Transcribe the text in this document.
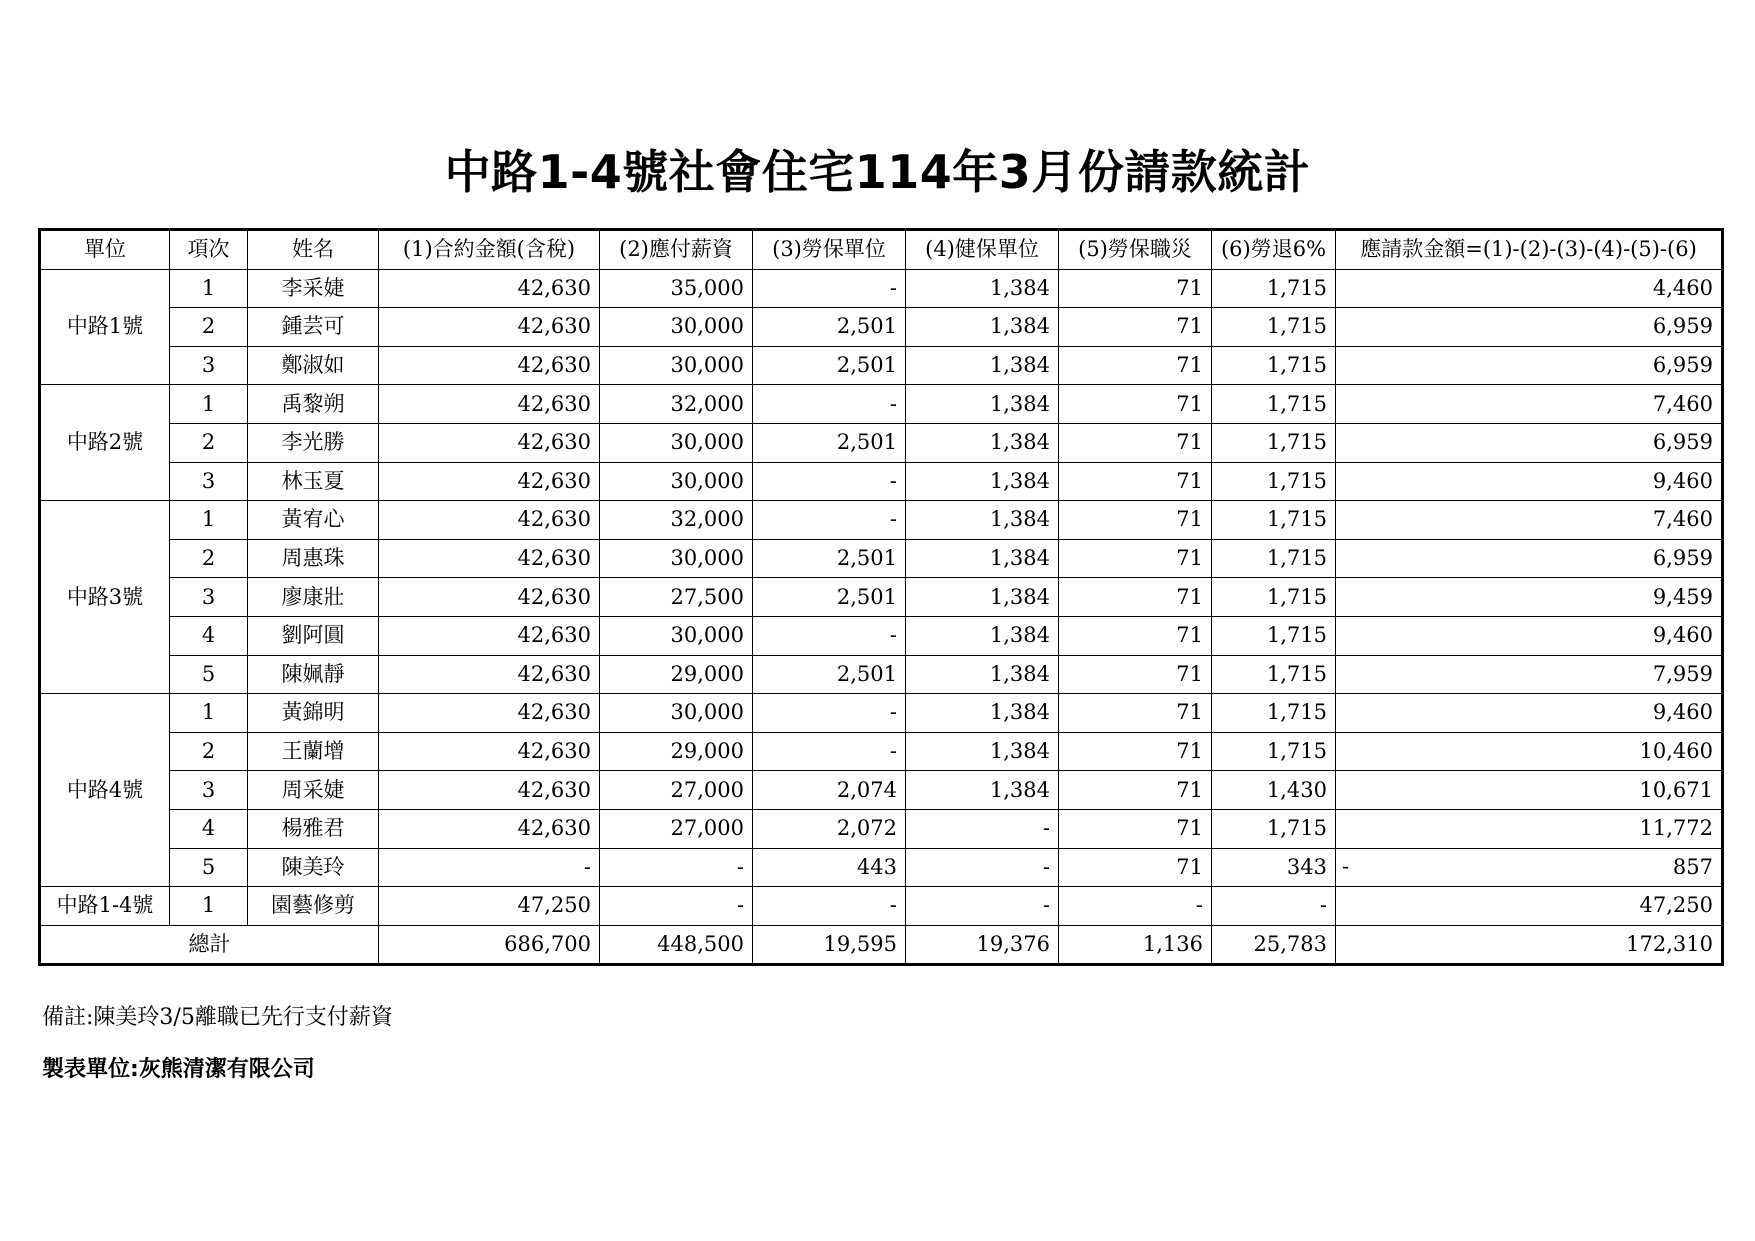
中路1-4號社會住宅114年3月份請款統計
單位	項次	姓名	(1)合約金額(含稅)	(2)應付薪資	(3)勞保單位	(4)健保單位	(5)勞保職災	(6)勞退6%	應請款金額=(1)-(2)-(3)-(4)-(5)-(6)
中路1號	1	李采婕	42,630	35,000	-	1,384	71	1,715	4,460
	2	鍾芸可	42,630	30,000	2,501	1,384	71	1,715	6,959
	3	鄭淑如	42,630	30,000	2,501	1,384	71	1,715	6,959
中路2號	1	禹黎朔	42,630	32,000	-	1,384	71	1,715	7,460
	2	李光勝	42,630	30,000	2,501	1,384	71	1,715	6,959
	3	林玉夏	42,630	30,000	-	1,384	71	1,715	9,460
中路3號	1	黃宥心	42,630	32,000	-	1,384	71	1,715	7,460
	2	周惠珠	42,630	30,000	2,501	1,384	71	1,715	6,959
	3	廖康壯	42,630	27,500	2,501	1,384	71	1,715	9,459
	4	劉阿圓	42,630	30,000	-	1,384	71	1,715	9,460
	5	陳姵靜	42,630	29,000	2,501	1,384	71	1,715	7,959
中路4號	1	黃錦明	42,630	30,000	-	1,384	71	1,715	9,460
	2	王蘭增	42,630	29,000	-	1,384	71	1,715	10,460
	3	周采婕	42,630	27,000	2,074	1,384	71	1,430	10,671
	4	楊雅君	42,630	27,000	2,072	-	71	1,715	11,772
	5	陳美玲	-	-	443	-	71	343	- 857
中路1-4號	1	園藝修剪	47,250	-	-	-	-	-	47,250
總計			686,700	448,500	19,595	19,376	1,136	25,783	172,310
備註:陳美玲3/5離職已先行支付薪資
製表單位:灰熊清潔有限公司
